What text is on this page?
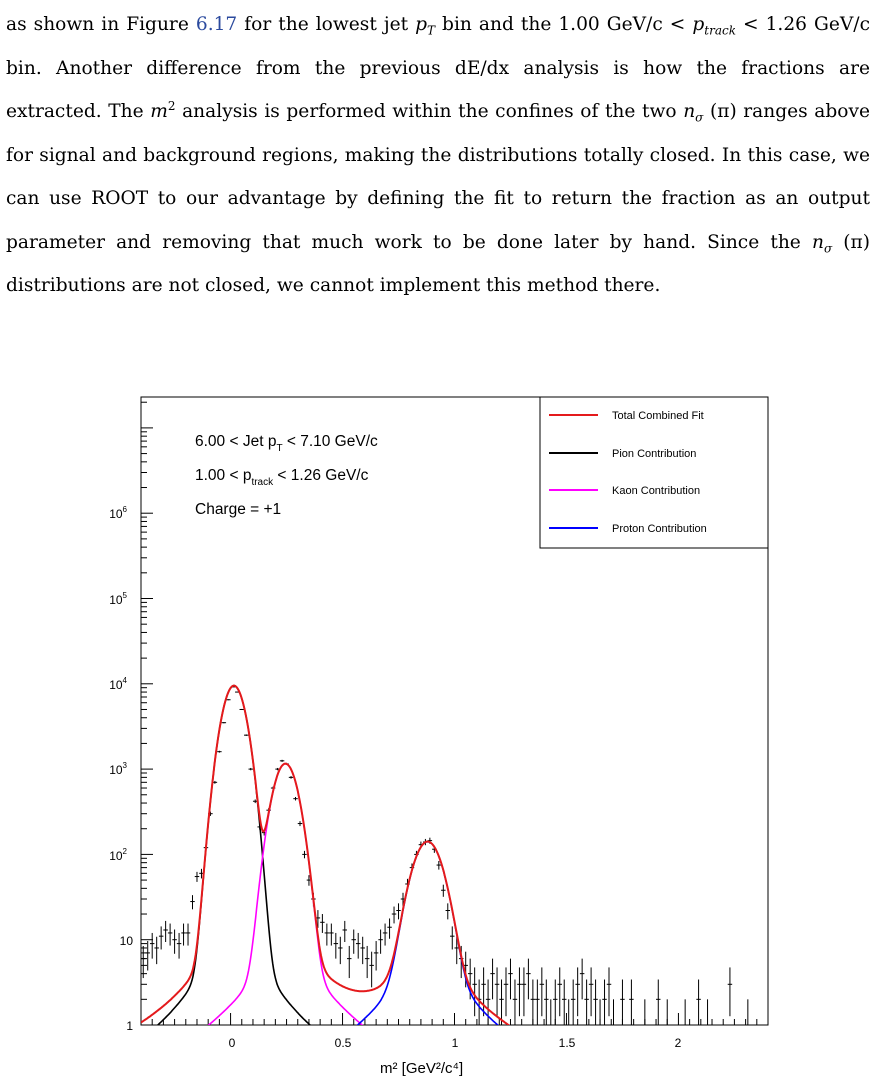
as shown in Figure 6.17 for the lowest jet $p_T$ bin and the 1.00 $GeV/c < p_{track} < 1.26$ GeV/c bin. Another difference from the previous dE/dx analysis is how the fractions are extracted. The $m^2$ analysis is performed within the confines of the two $n_\sigma$ (π) ranges above for signal and background regions, making the distributions totally closed. In this case, we can use ROOT to our advantage by defining the fit to return the fraction as an output parameter and removing that much work to be done later by hand. Since the $n_\sigma$ (π) distributions are not closed, we cannot implement this method there.

1
10
$10^2$
$10^3$
$10^4$
$10^5$
$10^6$
0	0.5	1	1.5	2
6.00 < Jet $p_T < 7.10$ GeV/c
$1.00 < p_{track} < 1.26$ GeV/c
Charge = +1
Total Combined Fit
Pion Contribution
Kaon Contribution
Proton Contribution
m² [GeV²/c⁴]
